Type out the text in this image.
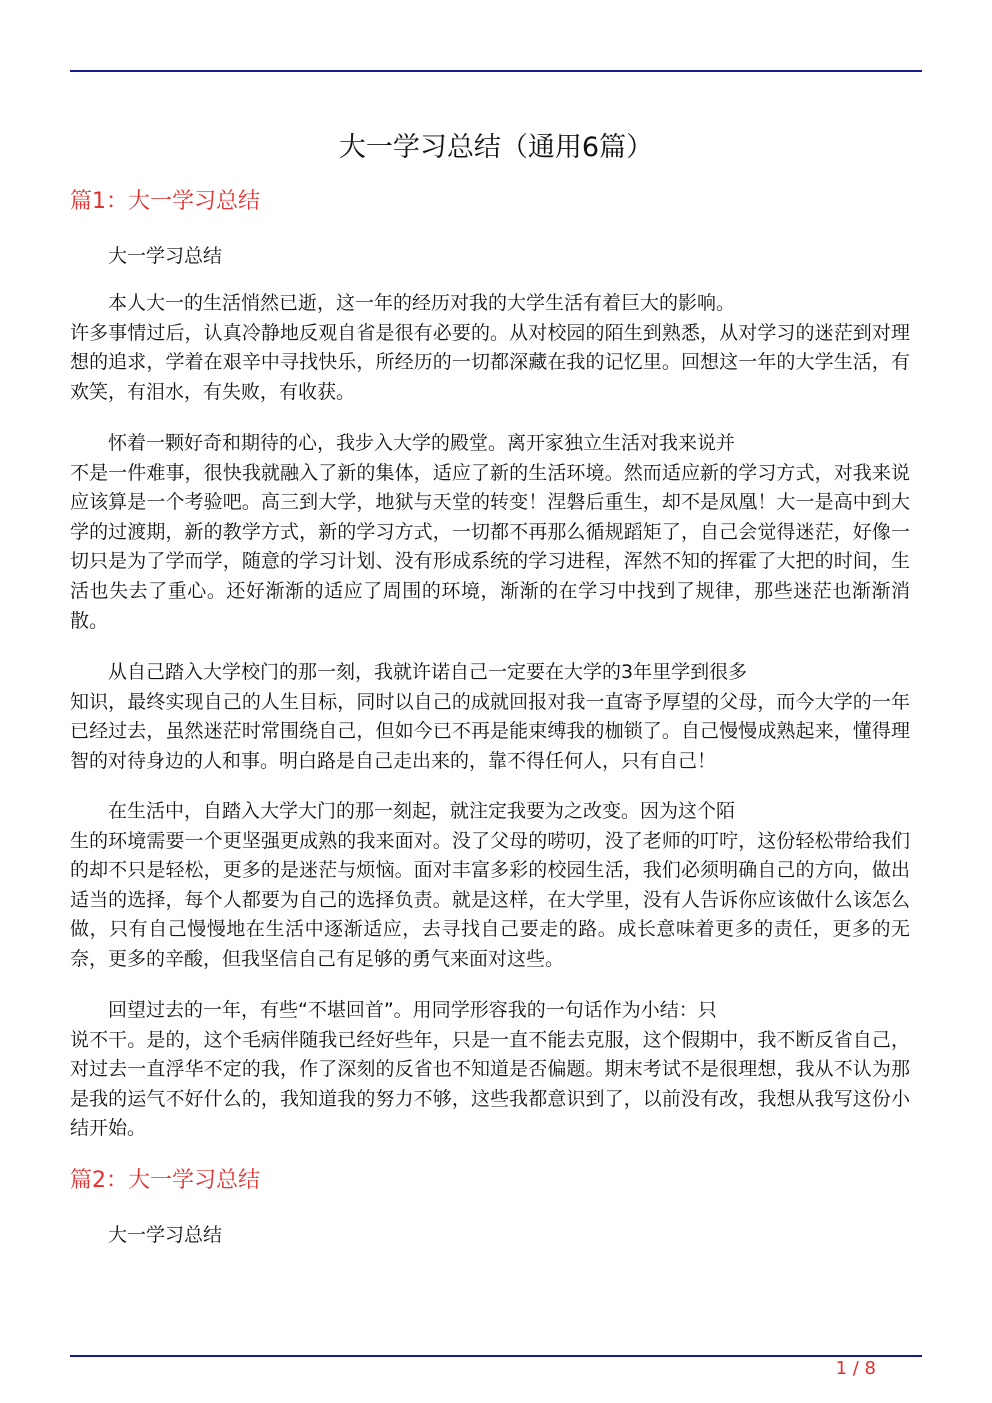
大一学习总结（通用6篇）
篇1：大一学习总结
大一学习总结
本人大一的生活悄然已逝，这一年的经历对我的大学生活有着巨大的影响。
许多事情过后，认真冷静地反观自省是很有必要的。从对校园的陌生到熟悉，从对学习的迷茫到对理想的追求，学着在艰辛中寻找快乐，所经历的一切都深藏在我的记忆里。回想这一年的大学生活，有欢笑，有泪水，有失败，有收获。
怀着一颗好奇和期待的心，我步入大学的殿堂。离开家独立生活对我来说并
不是一件难事，很快我就融入了新的集体，适应了新的生活环境。然而适应新的学习方式，对我来说应该算是一个考验吧。高三到大学，地狱与天堂的转变！涅磐后重生，却不是凤凰！大一是高中到大学的过渡期，新的教学方式，新的学习方式，一切都不再那么循规蹈矩了，自己会觉得迷茫，好像一切只是为了学而学，随意的学习计划、没有形成系统的学习进程，浑然不知的挥霍了大把的时间，生活也失去了重心。还好渐渐的适应了周围的环境，渐渐的在学习中找到了规律，那些迷茫也渐渐消散。
从自己踏入大学校门的那一刻，我就许诺自己一定要在大学的3年里学到很多
知识，最终实现自己的人生目标，同时以自己的成就回报对我一直寄予厚望的父母，而今大学的一年已经过去，虽然迷茫时常围绕自己，但如今已不再是能束缚我的枷锁了。自己慢慢成熟起来，懂得理智的对待身边的人和事。明白路是自己走出来的，靠不得任何人，只有自己！
在生活中，自踏入大学大门的那一刻起，就注定我要为之改变。因为这个陌
生的环境需要一个更坚强更成熟的我来面对。没了父母的唠叨，没了老师的叮咛，这份轻松带给我们的却不只是轻松，更多的是迷茫与烦恼。面对丰富多彩的校园生活，我们必须明确自己的方向，做出适当的选择，每个人都要为自己的选择负责。就是这样，在大学里，没有人告诉你应该做什么该怎么做，只有自己慢慢地在生活中逐渐适应，去寻找自己要走的路。成长意味着更多的责任，更多的无奈，更多的辛酸，但我坚信自己有足够的勇气来面对这些。
回望过去的一年，有些“不堪回首”。用同学形容我的一句话作为小结：只
说不干。是的，这个毛病伴随我已经好些年，只是一直不能去克服，这个假期中，我不断反省自己，对过去一直浮华不定的我，作了深刻的反省也不知道是否偏题。期末考试不是很理想，我从不认为那是我的运气不好什么的，我知道我的努力不够，这些我都意识到了，以前没有改，我想从我写这份小结开始。
篇2：大一学习总结
大一学习总结
1 / 8
